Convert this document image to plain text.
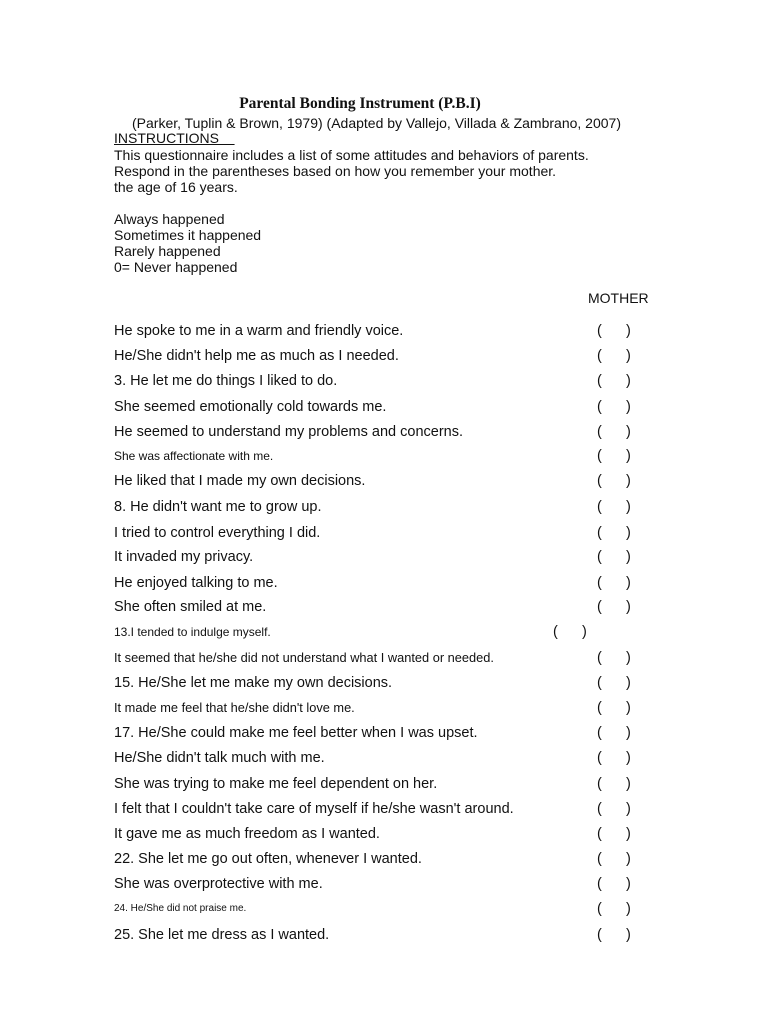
Parental Bonding Instrument (P.B.I)
(Parker, Tuplin & Brown, 1979) (Adapted by Vallejo, Villada & Zambrano, 2007)
INSTRUCTIONS
This questionnaire includes a list of some attitudes and behaviors of parents.
Respond in the parentheses based on how you remember your mother.
the age of 16 years.
Always happened
Sometimes it happened
Rarely happened
0= Never happened
MOTHER
He spoke to me in a warm and friendly voice.	(    )
He/She didn't help me as much as I needed.	(    )
3. He let me do things I liked to do.	(    )
She seemed emotionally cold towards me.	(    )
He seemed to understand my problems and concerns.	(    )
She was affectionate with me.	(    )
He liked that I made my own decisions.	(    )
8. He didn't want me to grow up.	(    )
I tried to control everything I did.	(    )
It invaded my privacy.	(    )
He enjoyed talking to me.	(    )
She often smiled at me.	(    )
13.I tended to indulge myself.	(    )
It seemed that he/she did not understand what I wanted or needed.	(    )
15. He/She let me make my own decisions.	(    )
It made me feel that he/she didn't love me.	(    )
17. He/She could make me feel better when I was upset.	(    )
He/She didn't talk much with me.	(    )
She was trying to make me feel dependent on her.	(    )
I felt that I couldn't take care of myself if he/she wasn't around.	(    )
It gave me as much freedom as I wanted.	(    )
22. She let me go out often, whenever I wanted.	(    )
She was overprotective with me.	(    )
24. He/She did not praise me.	(    )
25. She let me dress as I wanted.	(    )
